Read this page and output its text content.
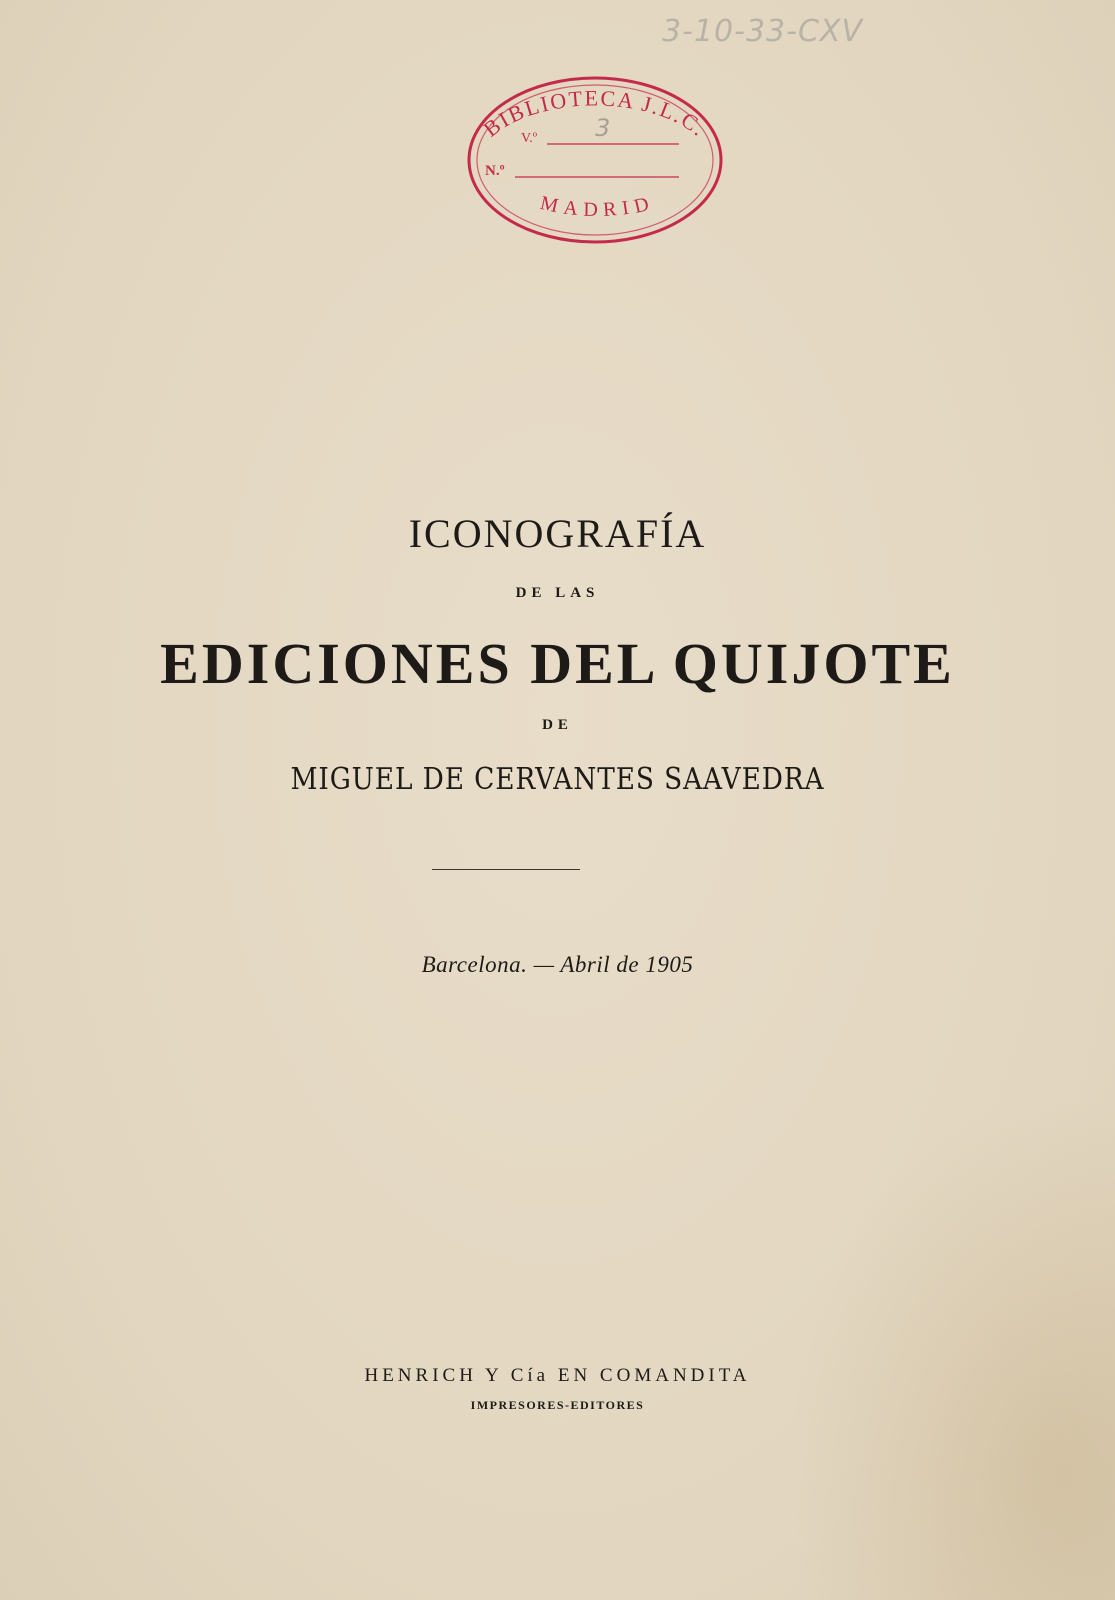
3-10-33-CXV
BIBLIOTECA J.L.C.
V.º 3
N.º
MADRID
ICONOGRAFÍA
DE LAS
EDICIONES DEL QUIJOTE
DE
MIGUEL DE CERVANTES SAAVEDRA
Barcelona. — Abril de 1905
HENRICH Y Cía EN COMANDITA
IMPRESORES-EDITORES
